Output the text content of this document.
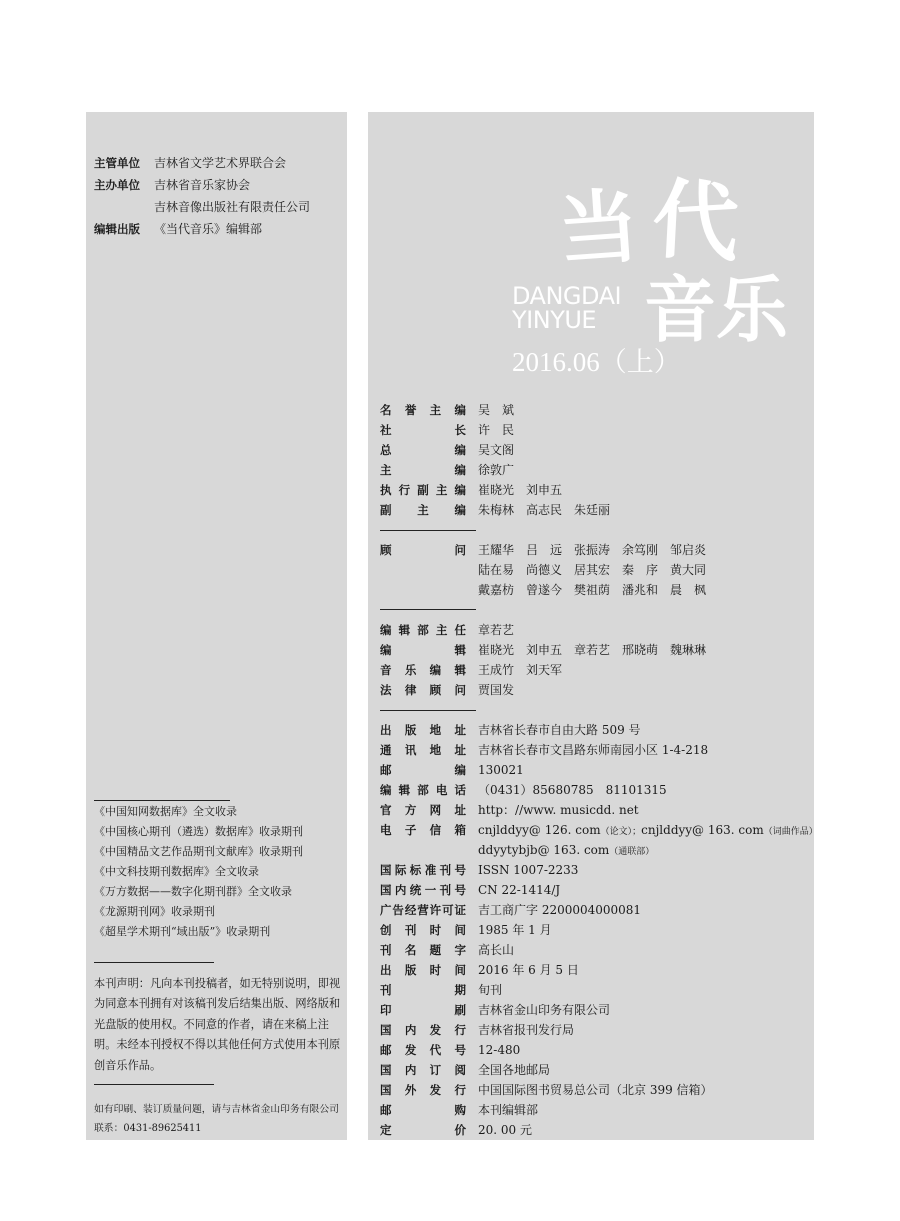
主管单位 吉林省文学艺术界联合会
主办单位 吉林省音乐家协会
吉林音像出版社有限责任公司
编辑出版 《当代音乐》编辑部
《中国知网数据库》全文收录
《中国核心期刊（遴选）数据库》收录期刊
《中国精品文艺作品期刊文献库》收录期刊
《中文科技期刊数据库》全文收录
《万方数据——数字化期刊群》全文收录
《龙源期刊网》收录期刊
《超星学术期刊“域出版”》收录期刊
本刊声明：凡向本刊投稿者，如无特别说明，即视为同意本刊拥有对该稿刊发后结集出版、网络版和光盘版的使用权。不同意的作者，请在来稿上注明。未经本刊授权不得以其他任何方式使用本刊原创音乐作品。
如有印刷、装订质量问题，请与吉林省金山印务有限公司联系：0431-89625411
当 代
音乐
DANGDAI
YINYUE
2016.06（上）
名誉主编 吴　斌
社长 许　民
总编 吴文阁
主编 徐敦广
执行副主编 崔晓光　刘申五
副主编 朱梅林　高志民　朱廷丽
顾问 王耀华　吕　远　张振涛　余笃刚　邹启炎
陆在易　尚德义　居其宏　秦　序　黄大同
戴嘉枋　曾遂今　樊祖荫　潘兆和　晨　枫
编辑部主任 章若艺
编辑 崔晓光　刘申五　章若艺　邢晓萌　魏琳琳
音乐编辑 王成竹　刘天军
法律顾问 贾国发
出版地址 吉林省长春市自由大路 509 号
通讯地址 吉林省长春市文昌路东师南园小区 1-4-218
邮编 130021
编辑部电话 （0431）85680785　81101315
官方网址 http：//www. musicdd. net
电子信箱 cnjlddyy@ 126. com（论文）；cnjlddyy@ 163. com（词曲作品）
ddyytybjb@ 163. com（通联部）
国际标准刊号 ISSN 1007-2233
国内统一刊号 CN 22-1414/J
广告经营许可证 吉工商广字 2200004000081
创刊时间 1985 年 1 月
刊名题字 高长山
出版时间 2016 年 6 月 5 日
刊期 旬刊
印刷 吉林省金山印务有限公司
国内发行 吉林省报刊发行局
邮发代号 12-480
国内订阅 全国各地邮局
国外发行 中国国际图书贸易总公司（北京 399 信箱）
邮购 本刊编辑部
定价 20. 00 元
